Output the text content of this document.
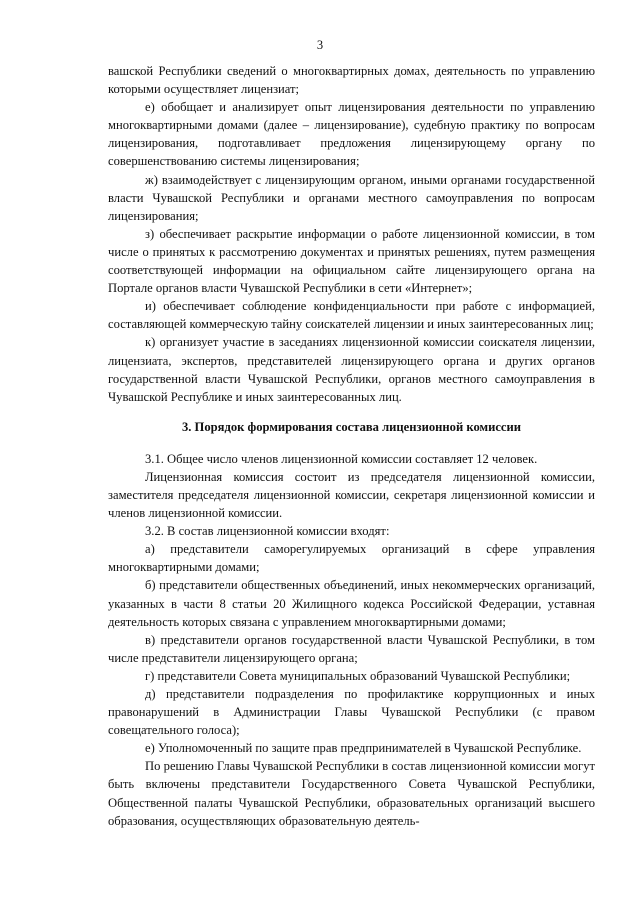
3

вашской Республики сведений о многоквартирных домах, деятельность по управлению которыми осуществляет лицензиат;

е) обобщает и анализирует опыт лицензирования деятельности по управлению многоквартирными домами (далее – лицензирование), судебную практику по вопросам лицензирования, подготавливает предложения лицензирующему органу по совершенствованию системы лицензирования;

ж) взаимодействует с лицензирующим органом, иными органами государственной власти Чувашской Республики и органами местного самоуправления по вопросам лицензирования;

з) обеспечивает раскрытие информации о работе лицензионной комиссии, в том числе о принятых к рассмотрению документах и принятых решениях, путем размещения соответствующей информации на официальном сайте лицензирующего органа на Портале органов власти Чувашской Республики в сети «Интернет»;

и) обеспечивает соблюдение конфиденциальности при работе с информацией, составляющей коммерческую тайну соискателей лицензии и иных заинтересованных лиц;

к) организует участие в заседаниях лицензионной комиссии соискателя лицензии, лицензиата, экспертов, представителей лицензирующего органа и других органов государственной власти Чувашской Республики, органов местного самоуправления в Чувашской Республике и иных заинтересованных лиц.

3. Порядок формирования состава лицензионной комиссии

3.1. Общее число членов лицензионной комиссии составляет 12 человек.

Лицензионная комиссия состоит из председателя лицензионной комиссии, заместителя председателя лицензионной комиссии, секретаря лицензионной комиссии и членов лицензионной комиссии.

3.2. В состав лицензионной комиссии входят:

а) представители саморегулируемых организаций в сфере управления многоквартирными домами;

б) представители общественных объединений, иных некоммерческих организаций, указанных в части 8 статьи 20 Жилищного кодекса Российской Федерации, уставная деятельность которых связана с управлением многоквартирными домами;

в) представители органов государственной власти Чувашской Республики, в том числе представители лицензирующего органа;

г) представители Совета муниципальных образований Чувашской Республики;

д) представители подразделения по профилактике коррупционных и иных правонарушений в Администрации Главы Чувашской Республики (с правом совещательного голоса);

е) Уполномоченный по защите прав предпринимателей в Чувашской Республике.

По решению Главы Чувашской Республики в состав лицензионной комиссии могут быть включены представители Государственного Совета Чувашской Республики, Общественной палаты Чувашской Республики, образовательных организаций высшего образования, осуществляющих образовательную деятель-
